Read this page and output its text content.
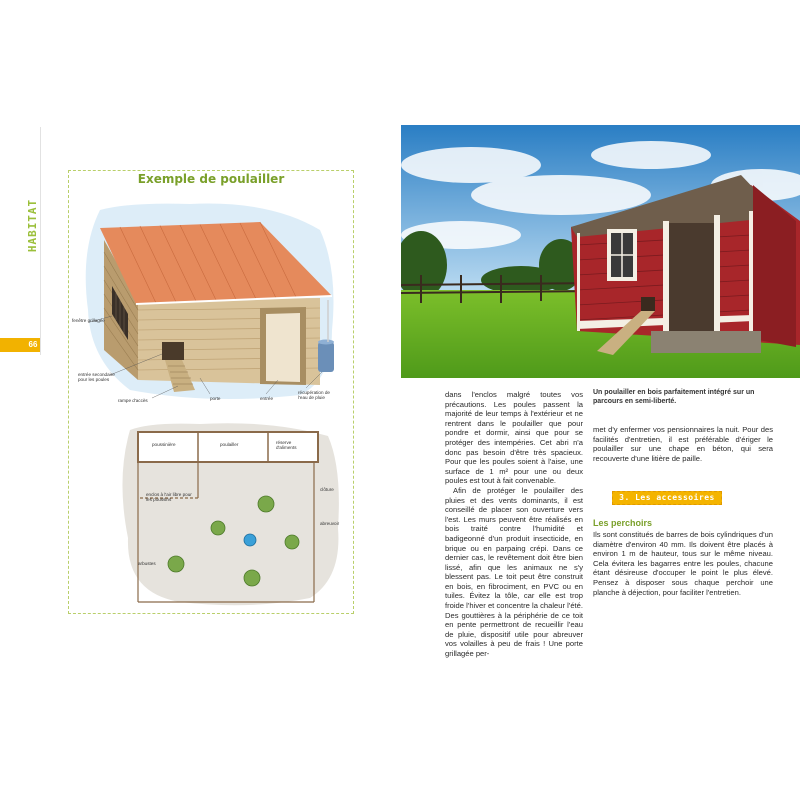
HABITAT
66
Exemple de poulailler
fenêtre grillagée
entrée secondaire pour les poules
rampe d'accès	porte	entrée
récupération de l'eau de pluie
poussinière	poulailler	réserve d'aliments
enclos à l'air libre pour les poussins
clôture
abreuvoir
arbustes
Un poulailler en bois parfaitement intégré sur un parcours en semi-liberté.

dans l'enclos malgré toutes vos précautions. Les poules passent la majorité de leur temps à l'extérieur et ne rentrent dans le poulailler que pour pondre et dormir, ainsi que pour se protéger des intempéries. Cet abri n'a donc pas besoin d'être très spacieux. Pour que les poules soient à l'aise, une surface de 1 m² pour une ou deux poules est tout à fait convenable.

Afin de protéger le poulailler des pluies et des vents dominants, il est conseillé de placer son ouverture vers l'est. Les murs peuvent être réalisés en bois traité contre l'humidité et badigeonné d'un produit insecticide, en brique ou en parpaing crépi. Dans ce dernier cas, le revêtement doit être bien lissé, afin que les animaux ne s'y blessent pas. Le toit peut être construit en bois, en fibrociment, en PVC ou en tuiles. Évitez la tôle, car elle est trop froide l'hiver et concentre la chaleur l'été. Des gouttières à la périphérie de ce toit en pente permettront de recueillir l'eau de pluie, dispositif utile pour abreuver vos volailles à peu de frais ! Une porte grillagée per-

met d'y enfermer vos pensionnaires la nuit. Pour des facilités d'entretien, il est préférable d'ériger le poulailler sur une chape en béton, qui sera recouverte d'une litière de paille.

3. Les accessoires
Les perchoirs

Ils sont constitués de barres de bois cylindriques d'un diamètre d'environ 40 mm. Ils doivent être placés à environ 1 m de hauteur, tous sur le même niveau. Cela évitera les bagarres entre les poules, chacune étant désireuse d'occuper le point le plus élevé. Pensez à disposer sous chaque perchoir une planche à déjection, pour faciliter l'entretien.
